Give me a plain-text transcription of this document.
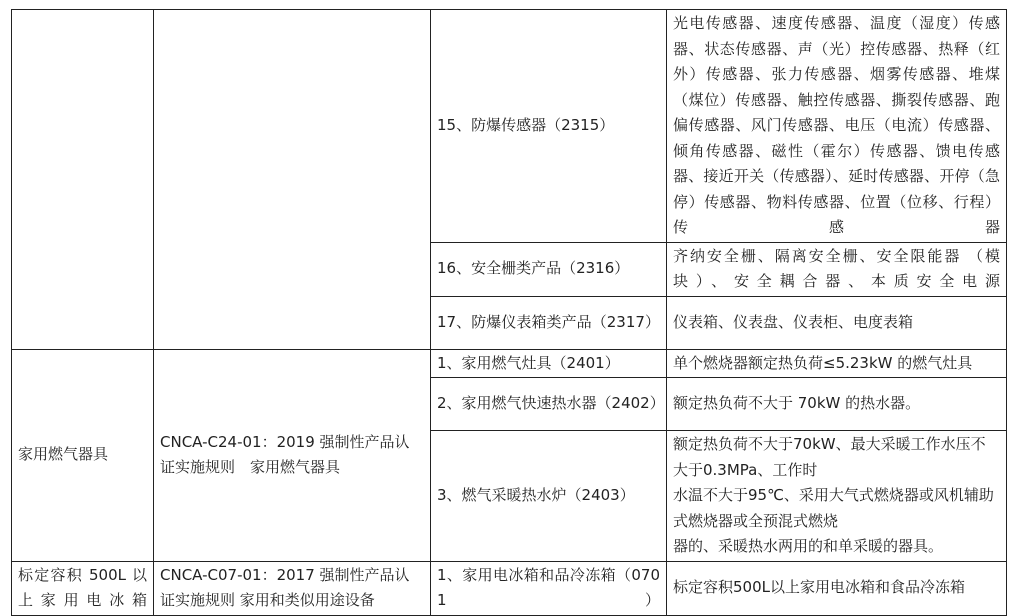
		15、防爆传感器（2315）	光电传感器、速度传感器、温度（湿度）传感器、状态传感器、声（光）控传感器、热释（红外）传感器、张力传感器、烟雾传感器、堆煤（煤位）传感器、触控传感器、撕裂传感器、跑偏传感器、风门传感器、电压（电流）传感器、倾角传感器、磁性（霍尔）传感器、馈电传感器、接近开关（传感器）、延时传感器、开停（急停）传感器、物料传感器、位置（位移、行程）传感器
		16、安全栅类产品（2316）	齐纳安全栅、隔离安全栅、安全限能器 （模块）、安全耦合器、本质安全电源
		17、防爆仪表箱类产品（2317）	仪表箱、仪表盘、仪表柜、电度表箱
家用燃气器具	CNCA-C24-01：2019 强制性产品认证实施规则　家用燃气器具	1、家用燃气灶具（2401）	单个燃烧器额定热负荷≤5.23kW 的燃气灶具
		2、家用燃气快速热水器（2402）	额定热负荷不大于 70kW 的热水器。
		3、燃气采暖热水炉（2403）	额定热负荷不大于70kW、最大采暖工作水压不大于0.3MPa、工作时
水温不大于95℃、采用大气式燃烧器或风机辅助式燃烧器或全预混式燃烧
器的、采暖热水两用的和单采暖的器具。

标定容积 500L 以上家用电冰箱	CNCA-C07-01：2017 强制性产品认证实施规则 家用和类似用途设备	1、家用电冰箱和品冷冻箱（0701）	标定容积500L以上家用电冰箱和食品冷冻箱
